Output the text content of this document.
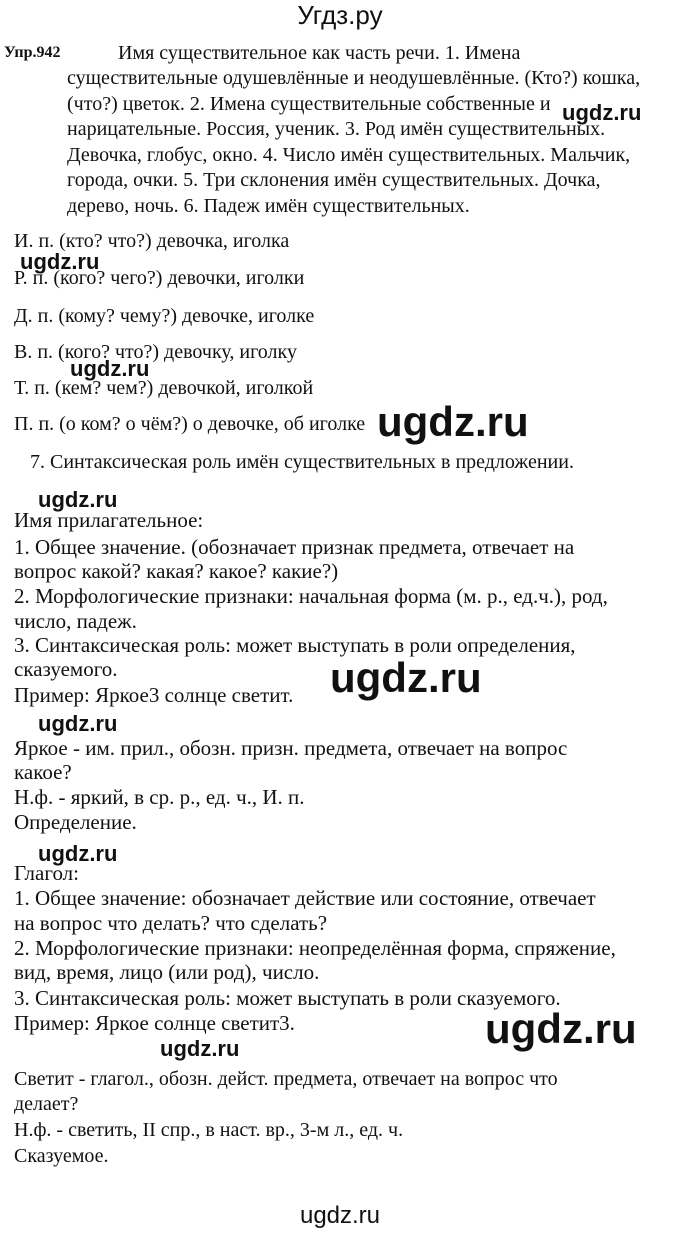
Угдз.ру
Упр.942	Имя существительное как часть речи. 1. Имена
существительные одушевлённые и неодушевлённые. (Кто?) кошка,
(что?) цветок. 2. Имена существительные собственные и
нарицательные. Россия, ученик. 3. Род имён существительных.
Девочка, глобус, окно. 4. Число имён существительных. Мальчик,
города, очки. 5. Три склонения имён существительных. Дочка,
дерево, ночь. 6. Падеж имён существительных.
И. п. (кто? что?) девочка, иголка
Р. п. (кого? чего?) девочки, иголки
Д. п. (кому? чему?) девочке, иголке
В. п. (кого? что?) девочку, иголку
Т. п. (кем? чем?) девочкой, иголкой
П. п. (о ком? о чём?) о девочке, об иголке
7. Синтаксическая роль имён существительных в предложении.
Имя прилагательное:
1. Общее значение. (обозначает признак предмета, отвечает на
вопрос какой? какая? какое? какие?)
2. Морфологические признаки: начальная форма (м. р., ед.ч.), род,
число, падеж.
3. Синтаксическая роль: может выступать в роли определения,
сказуемого.
Пример: Яркое3 солнце светит.
Яркое - им. прил., обозн. призн. предмета, отвечает на вопрос
какое?
Н.ф. - яркий, в ср. р., ед. ч., И. п.
Определение.
Глагол:
1. Общее значение: обозначает действие или состояние, отвечает
на вопрос что делать? что сделать?
2. Морфологические признаки: неопределённая форма, спряжение,
вид, время, лицо (или род), число.
3. Синтаксическая роль: может выступать в роли сказуемого.
Пример: Яркое солнце светит3.
Светит - глагол., обозн. дейст. предмета, отвечает на вопрос что
делает?
Н.ф. - светить, II спр., в наст. вр., 3-м л., ед. ч.
Сказуемое.
ugdz.ru
ugdz.ru
ugdz.ru
ugdz.ru
ugdz.ru
ugdz.ru
ugdz.ru
ugdz.ru
ugdz.ru
ugdz.ru
ugdz.ru
